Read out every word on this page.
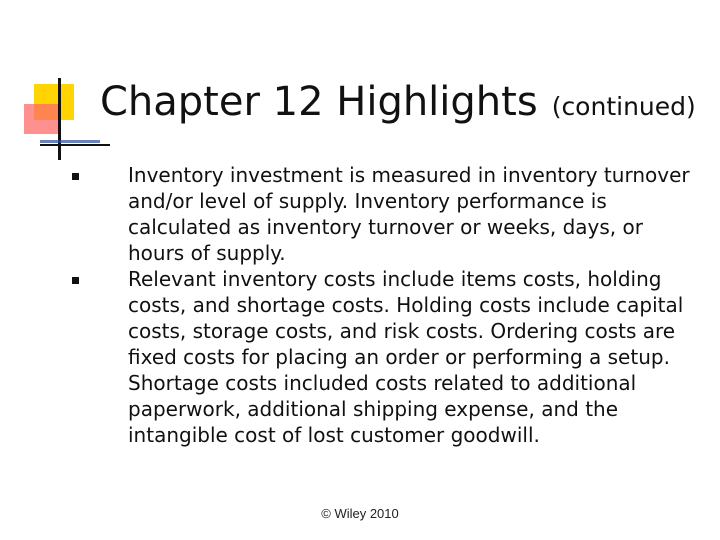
Chapter 12 Highlights (continued)
Inventory investment is measured in inventory turnover and/or level of supply. Inventory performance is calculated as inventory turnover or weeks, days, or hours of supply.
Relevant inventory costs include items costs, holding costs, and shortage costs. Holding costs include capital costs, storage costs, and risk costs. Ordering costs are fixed costs for placing an order or performing a setup. Shortage costs included costs related to additional paperwork, additional shipping expense, and the intangible cost of lost customer goodwill.
© Wiley 2010
